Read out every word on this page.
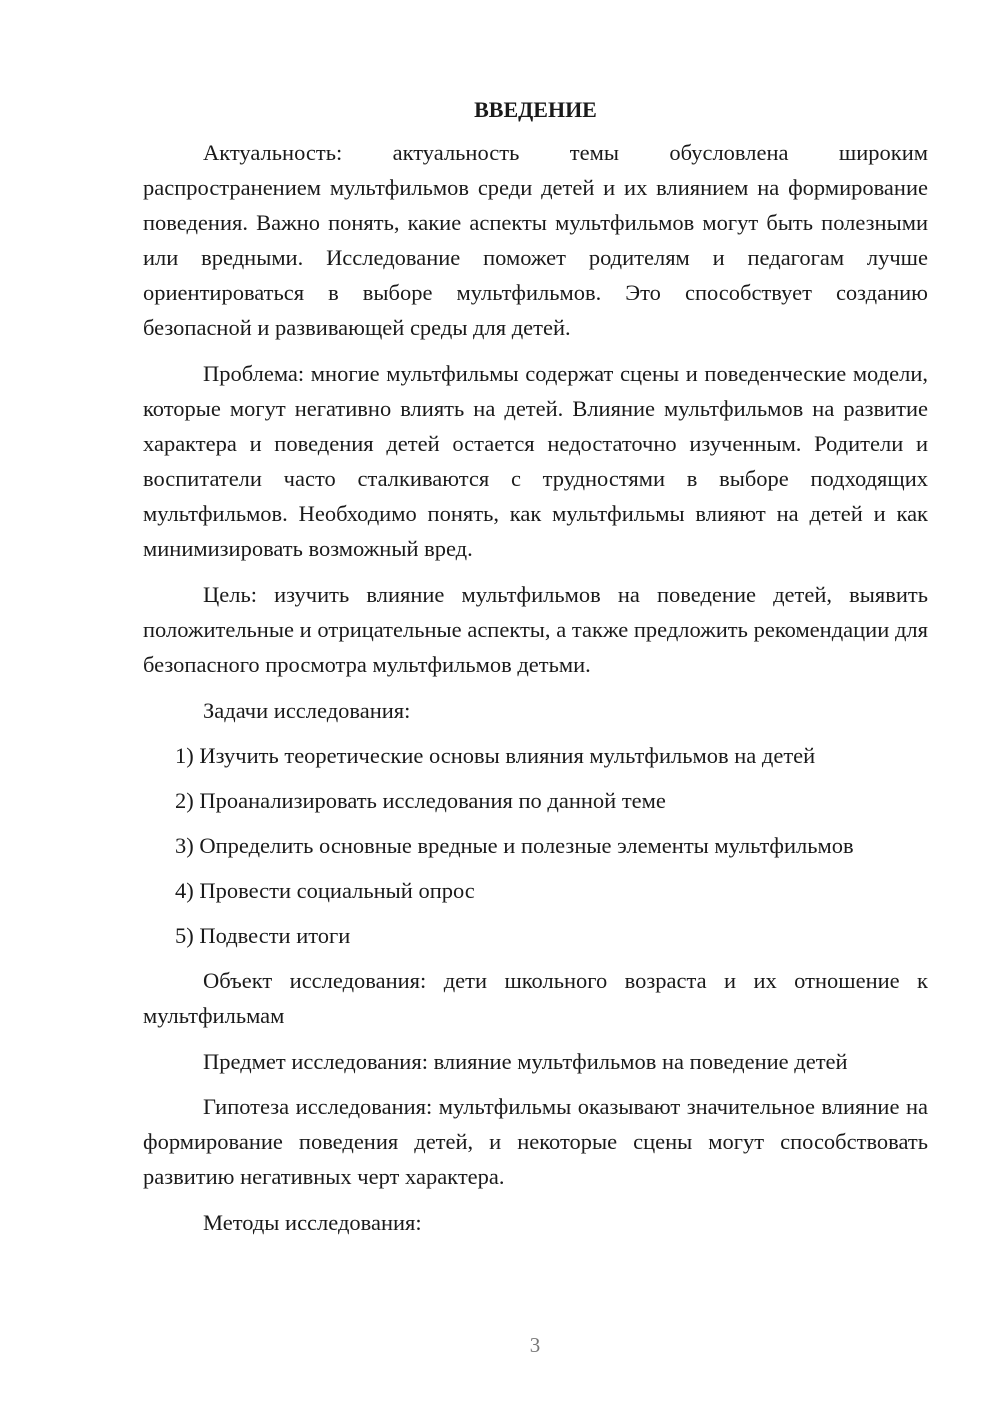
ВВЕДЕНИЕ

Актуальность: актуальность темы обусловлена широким распространением мультфильмов среди детей и их влиянием на формирование поведения. Важно понять, какие аспекты мультфильмов могут быть полезными или вредными. Исследование поможет родителям и педагогам лучше ориентироваться в выборе мультфильмов. Это способствует созданию безопасной и развивающей среды для детей.

Проблема: многие мультфильмы содержат сцены и поведенческие модели, которые могут негативно влиять на детей. Влияние мультфильмов на развитие характера и поведения детей остается недостаточно изученным. Родители и воспитатели часто сталкиваются с трудностями в выборе подходящих мультфильмов. Необходимо понять, как мультфильмы влияют на детей и как минимизировать возможный вред.

Цель: изучить влияние мультфильмов на поведение детей, выявить положительные и отрицательные аспекты, а также предложить рекомендации для безопасного просмотра мультфильмов детьми.

Задачи исследования:

1) Изучить теоретические основы влияния мультфильмов на детей
2) Проанализировать исследования по данной теме
3) Определить основные вредные и полезные элементы мультфильмов
4) Провести социальный опрос
5) Подвести итоги

Объект исследования: дети школьного возраста и их отношение к мультфильмам

Предмет исследования: влияние мультфильмов на поведение детей

Гипотеза исследования: мультфильмы оказывают значительное влияние на формирование поведения детей, и некоторые сцены могут способствовать развитию негативных черт характера.

Методы исследования:

3
